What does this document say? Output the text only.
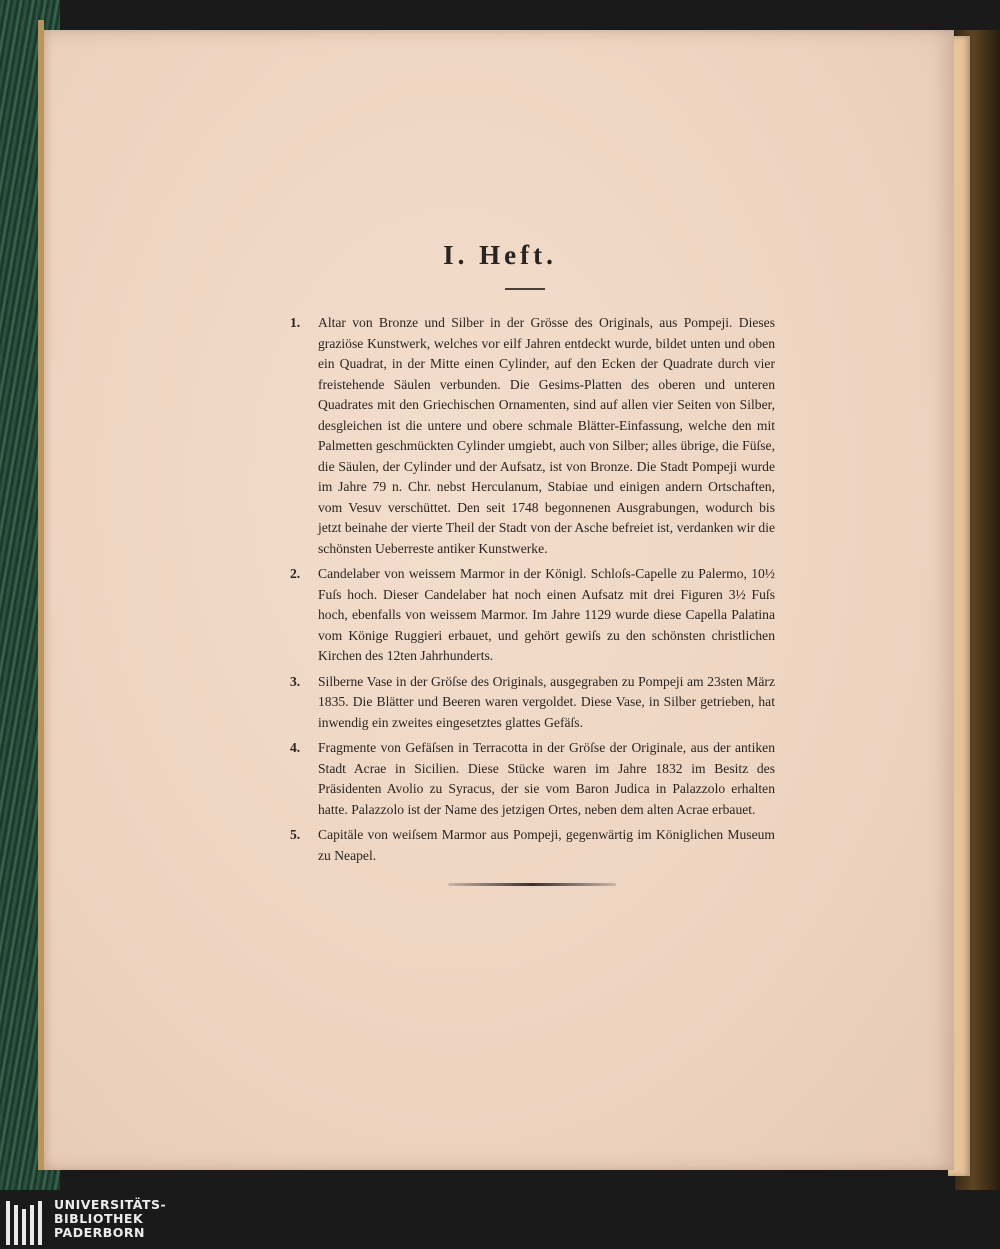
I. Heft.
1.	Altar von Bronze und Silber in der Grösse des Originals, aus Pompeji. Dieses graziöse Kunstwerk, welches vor eilf Jahren entdeckt wurde, bildet unten und oben ein Quadrat, in der Mitte einen Cylinder, auf den Ecken der Quadrate durch vier freistehende Säulen verbunden. Die Gesims-Platten des oberen und unteren Quadrates mit den Griechischen Ornamenten, sind auf allen vier Seiten von Silber, desgleichen ist die untere und obere schmale Blätter-Einfassung, welche den mit Palmetten geschmückten Cylinder umgiebt, auch von Silber; alles übrige, die Füſse, die Säulen, der Cylinder und der Aufsatz, ist von Bronze. Die Stadt Pompeji wurde im Jahre 79 n. Chr. nebst Herculanum, Stabiae und einigen andern Ortschaften, vom Vesuv verschüttet. Den seit 1748 begonnenen Ausgrabungen, wodurch bis jetzt beinahe der vierte Theil der Stadt von der Asche befreiet ist, verdanken wir die schönsten Ueberreste antiker Kunstwerke.
2.	Candelaber von weissem Marmor in der Königl. Schloſs-Capelle zu Palermo, 10½ Fuſs hoch. Dieser Candelaber hat noch einen Aufsatz mit drei Figuren 3½ Fuſs hoch, ebenfalls von weissem Marmor. Im Jahre 1129 wurde diese Capella Palatina vom Könige Ruggieri erbauet, und gehört gewiſs zu den schönsten christlichen Kirchen des 12ten Jahrhunderts.
3.	Silberne Vase in der Gröſse des Originals, ausgegraben zu Pompeji am 23sten März 1835. Die Blätter und Beeren waren vergoldet. Diese Vase, in Silber getrieben, hat inwendig ein zweites eingesetztes glattes Gefäſs.
4.	Fragmente von Gefäſsen in Terracotta in der Gröſse der Originale, aus der antiken Stadt Acrae in Sicilien. Diese Stücke waren im Jahre 1832 im Besitz des Präsidenten Avolio zu Syracus, der sie vom Baron Judica in Palazzolo erhalten hatte. Palazzolo ist der Name des jetzigen Ortes, neben dem alten Acrae erbauet.
5.	Capitäle von weiſsem Marmor aus Pompeji, gegenwärtig im Königlichen Museum zu Neapel.
UNIVERSITÄTS-
BIBLIOTHEK
PADERBORN
